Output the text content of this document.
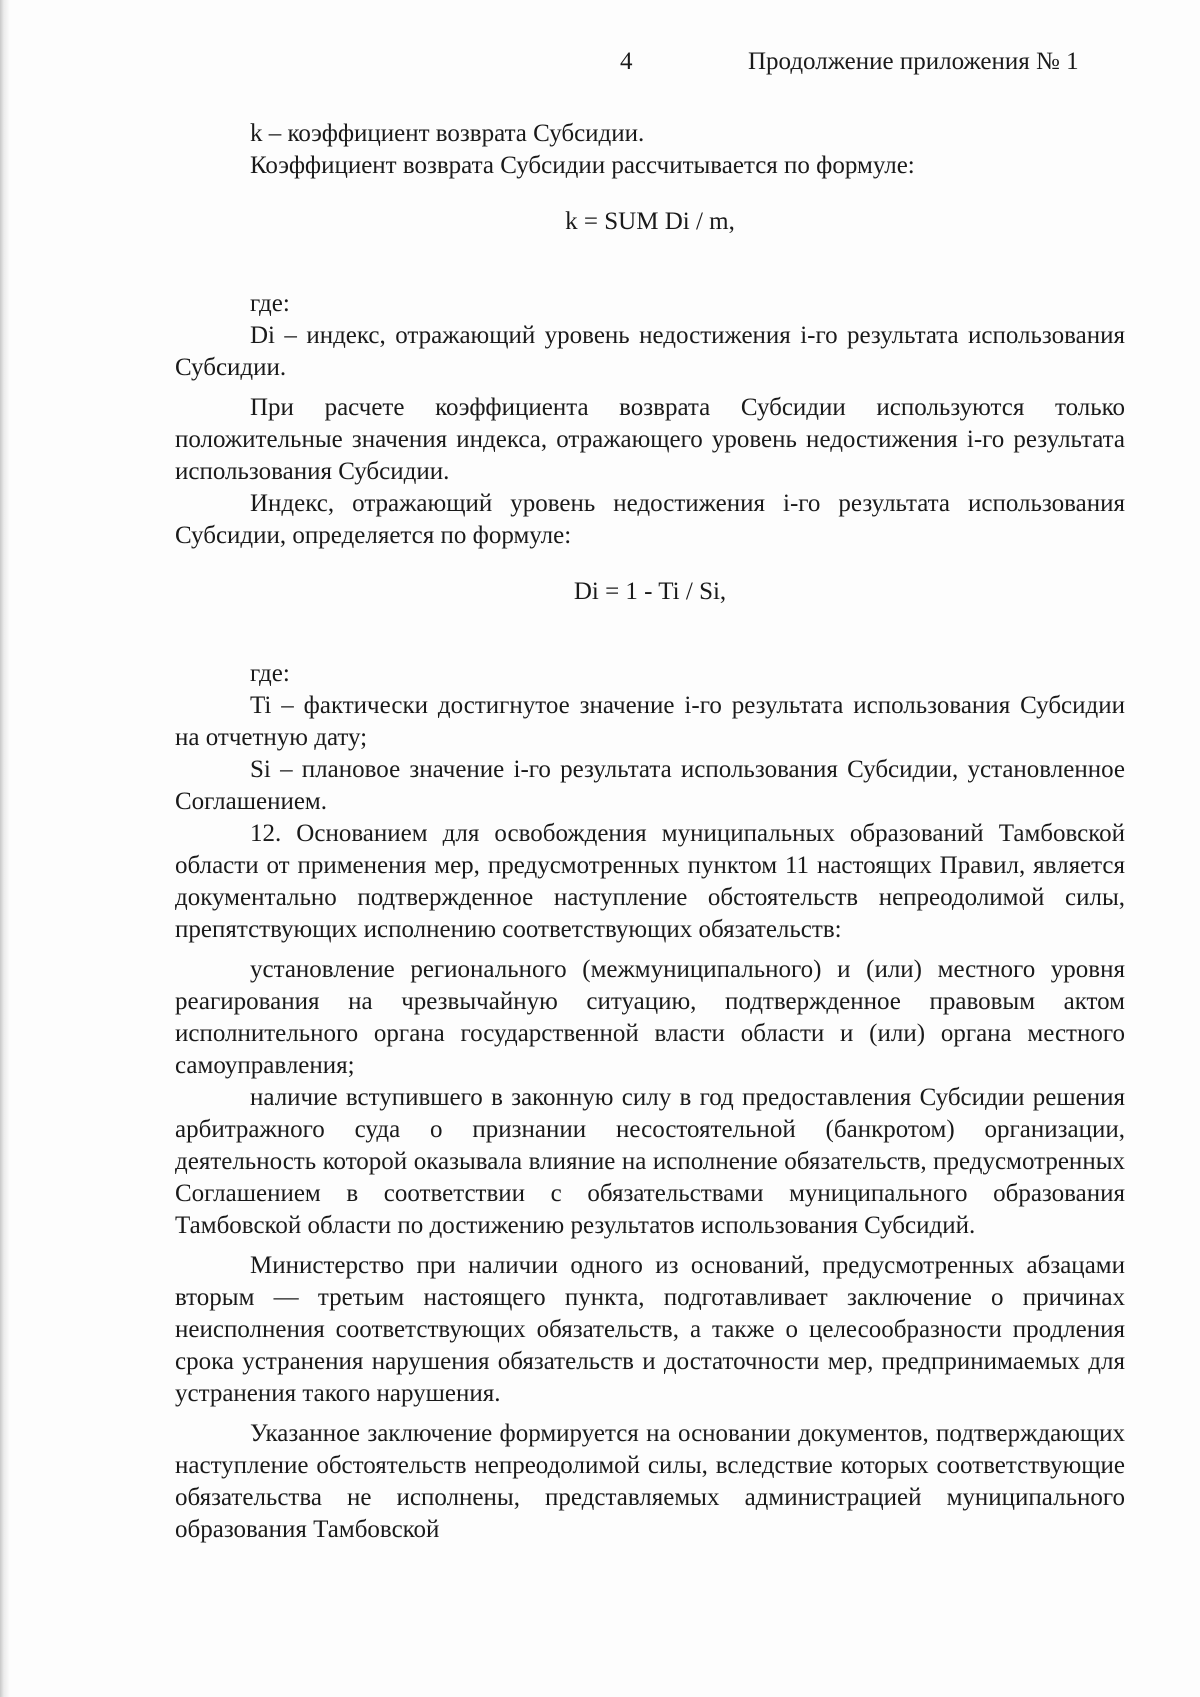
4	Продолжение приложения № 1

k – коэффициент возврата Субсидии.

Коэффициент возврата Субсидии рассчитывается по формуле:

k = SUM Di / m,

где:

Di – индекс, отражающий уровень недостижения i-го результата использования Субсидии.

При расчете коэффициента возврата Субсидии используются только положительные значения индекса, отражающего уровень недостижения i-го результата использования Субсидии.

Индекс, отражающий уровень недостижения i-го результата использования Субсидии, определяется по формуле:

Di = 1 - Ti / Si,

где:

Ti – фактически достигнутое значение i-го результата использования Субсидии на отчетную дату;

Si – плановое значение i-го результата использования Субсидии, установленное Соглашением.

12. Основанием для освобождения муниципальных образований Тамбовской области от применения мер, предусмотренных пунктом 11 настоящих Правил, является документально подтвержденное наступление обстоятельств непреодолимой силы, препятствующих исполнению соответствующих обязательств:

установление регионального (межмуниципального) и (или) местного уровня реагирования на чрезвычайную ситуацию, подтвержденное правовым актом исполнительного органа государственной власти области и (или) органа местного самоуправления;

наличие вступившего в законную силу в год предоставления Субсидии решения арбитражного суда о признании несостоятельной (банкротом) организации, деятельность которой оказывала влияние на исполнение обязательств, предусмотренных Соглашением в соответствии с обязательствами муниципального образования Тамбовской области по достижению результатов использования Субсидий.

Министерство при наличии одного из оснований, предусмотренных абзацами вторым — третьим настоящего пункта, подготавливает заключение о причинах неисполнения соответствующих обязательств, а также о целесообразности продления срока устранения нарушения обязательств и достаточности мер, предпринимаемых для устранения такого нарушения.

Указанное заключение формируется на основании документов, подтверждающих наступление обстоятельств непреодолимой силы, вследствие которых соответствующие обязательства не исполнены, представляемых администрацией муниципального образования Тамбовской
